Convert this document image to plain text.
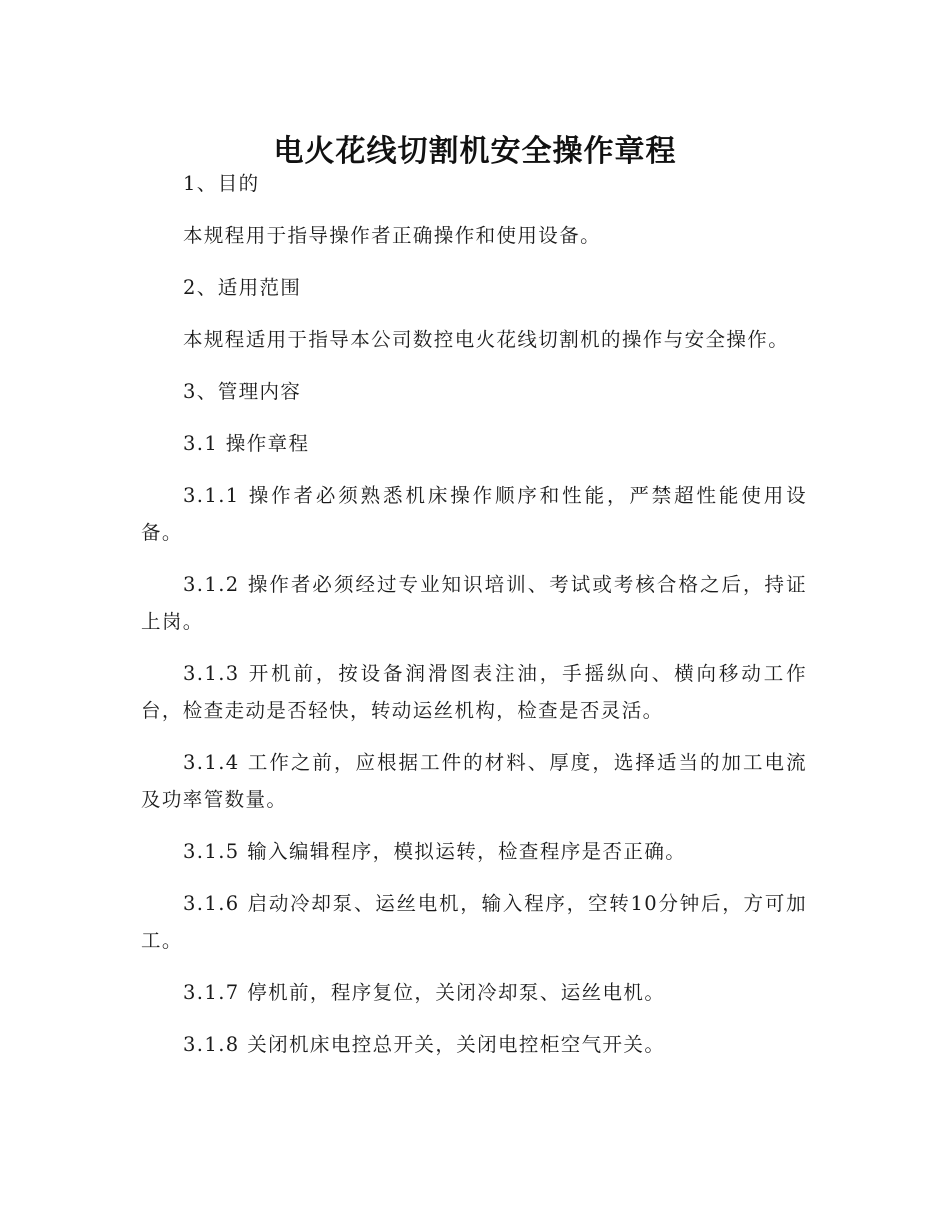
电火花线切割机安全操作章程

1、目的

本规程用于指导操作者正确操作和使用设备。

2、适用范围

本规程适用于指导本公司数控电火花线切割机的操作与安全操作。

3、管理内容

3.1 操作章程

3.1.1 操作者必须熟悉机床操作顺序和性能，严禁超性能使用设备。

3.1.2 操作者必须经过专业知识培训、考试或考核合格之后，持证上岗。

3.1.3 开机前，按设备润滑图表注油，手摇纵向、横向移动工作台，检查走动是否轻快，转动运丝机构，检查是否灵活。

3.1.4 工作之前，应根据工件的材料、厚度，选择适当的加工电流及功率管数量。

3.1.5 输入编辑程序，模拟运转，检查程序是否正确。

3.1.6 启动冷却泵、运丝电机，输入程序，空转10分钟后，方可加工。

3.1.7 停机前，程序复位，关闭冷却泵、运丝电机。

3.1.8 关闭机床电控总开关，关闭电控柜空气开关。
